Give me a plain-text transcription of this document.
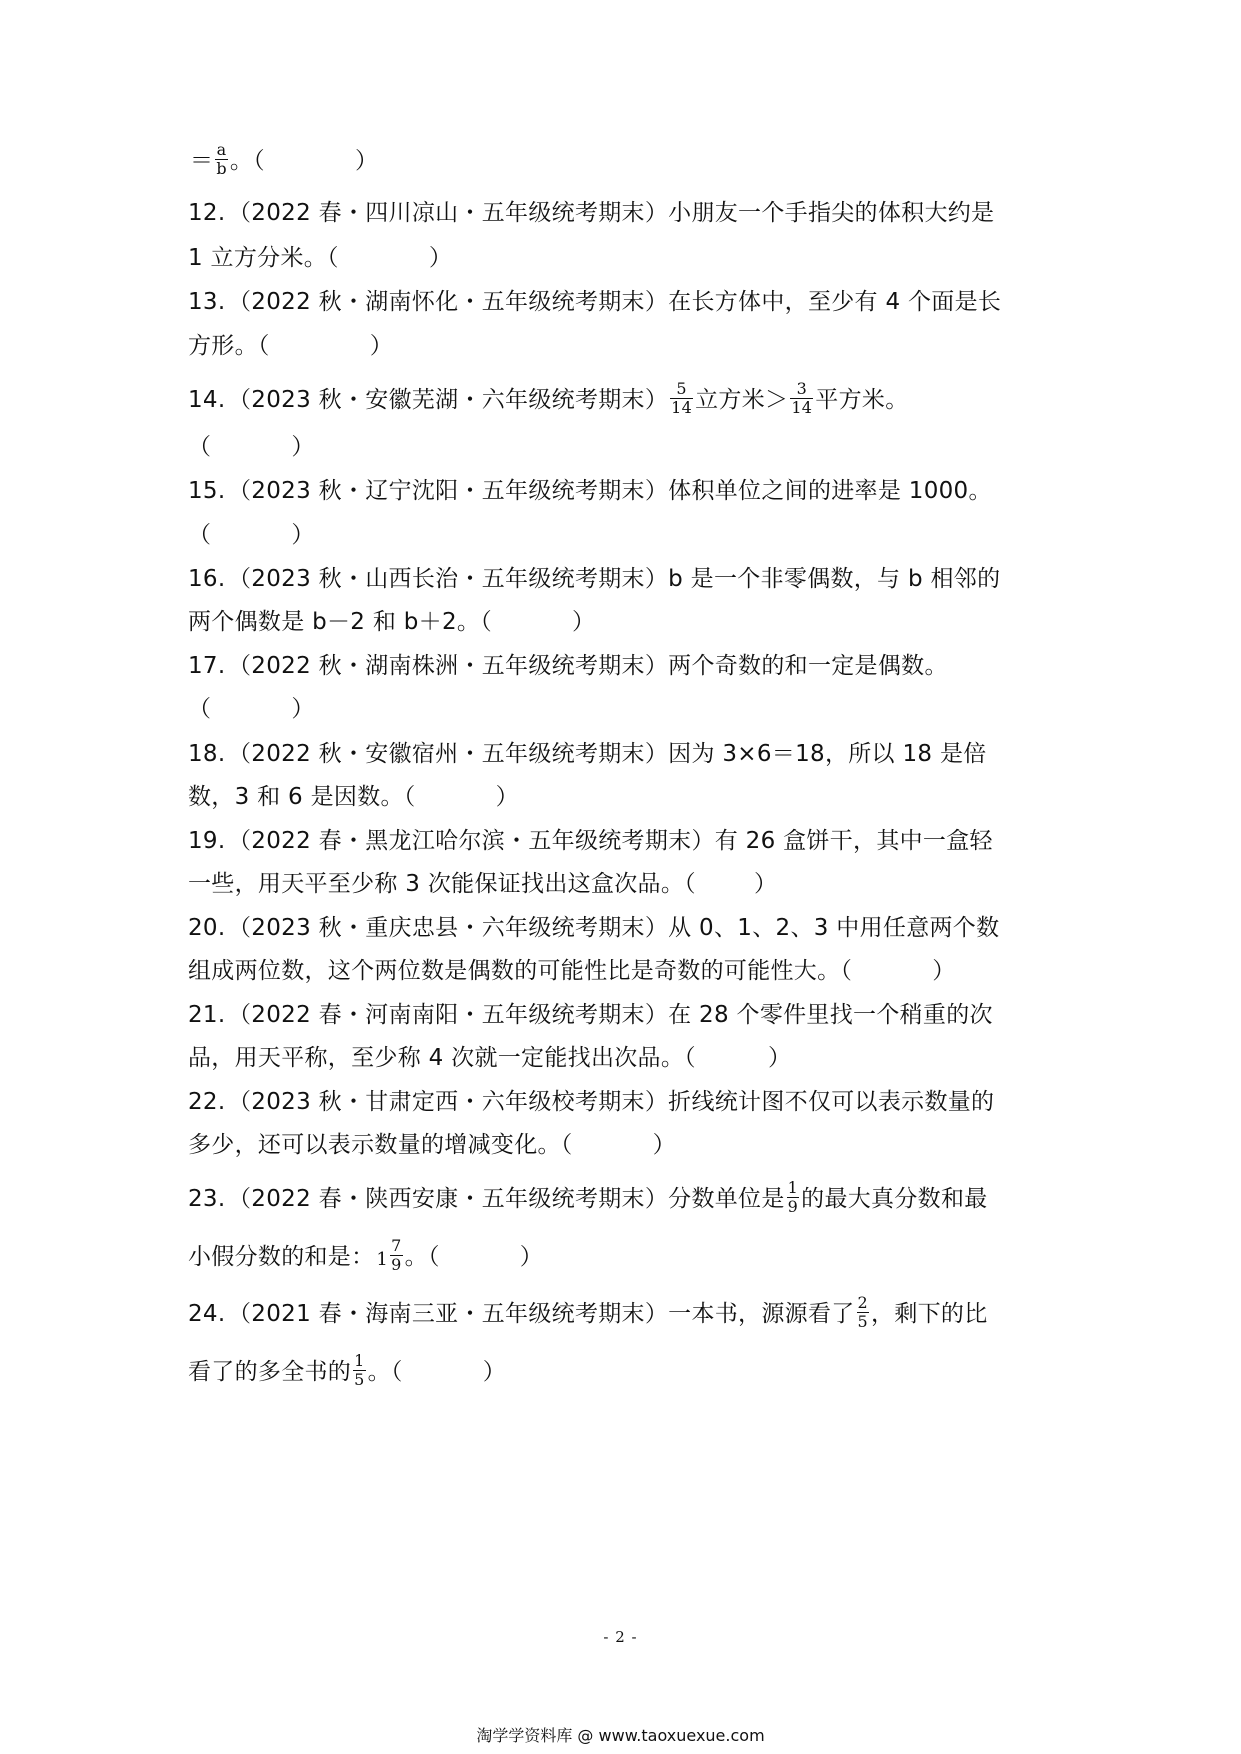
＝ $\frac{a}{b}$ 。（	）
12. （2022 春・四川凉山・五年级统考期末）小朋友一个手指尖的体积大约是
1 立方分米。（	）
13. （2022 秋・湖南怀化・五年级统考期末）在长方体中，至少有 4 个面是长
方形。（	）
14. （2023 秋・安徽芜湖・六年级统考期末） $\frac{5}{14}$ 立方米＞ $\frac{3}{14}$ 平方米。
（	）
15. （2023 秋・辽宁沈阳・五年级统考期末）体积单位之间的进率是 1000。
（	）
16. （2023 秋・山西长治・五年级统考期末）b 是一个非零偶数，与 b 相邻的
两个偶数是 b－2 和 b＋2。（	）
17. （2022 秋・湖南株洲・五年级统考期末）两个奇数的和一定是偶数。
（	）
18. （2022 秋・安徽宿州・五年级统考期末）因为 3×6＝18，所以 18 是倍
数，3 和 6 是因数。（	）
19. （2022 春・黑龙江哈尔滨・五年级统考期末）有 26 盒饼干，其中一盒轻
一些，用天平至少称 3 次能保证找出这盒次品。（	）
20. （2023 秋・重庆忠县・六年级统考期末）从 0、1、2、3 中用任意两个数
组成两位数，这个两位数是偶数的可能性比是奇数的可能性大。（	）
21. （2022 春・河南南阳・五年级统考期末）在 28 个零件里找一个稍重的次
品，用天平称，至少称 4 次就一定能找出次品。（	）
22. （2023 秋・甘肃定西・六年级校考期末）折线统计图不仅可以表示数量的
多少，还可以表示数量的增减变化。（	）
23. （2022 春・陕西安康・五年级统考期末）分数单位是 $\frac{1}{9}$ 的最大真分数和最
小假分数的和是： $1 \frac{7}{9}$ 。（	）
24. （2021 春・海南三亚・五年级统考期末）一本书，源源看了 $\frac{2}{5}$ ，剩下的比
看了的多全书的 $\frac{1}{5}$ 。（	）
- 2 -
淘学学资料库 @ www.taoxuexue.com
